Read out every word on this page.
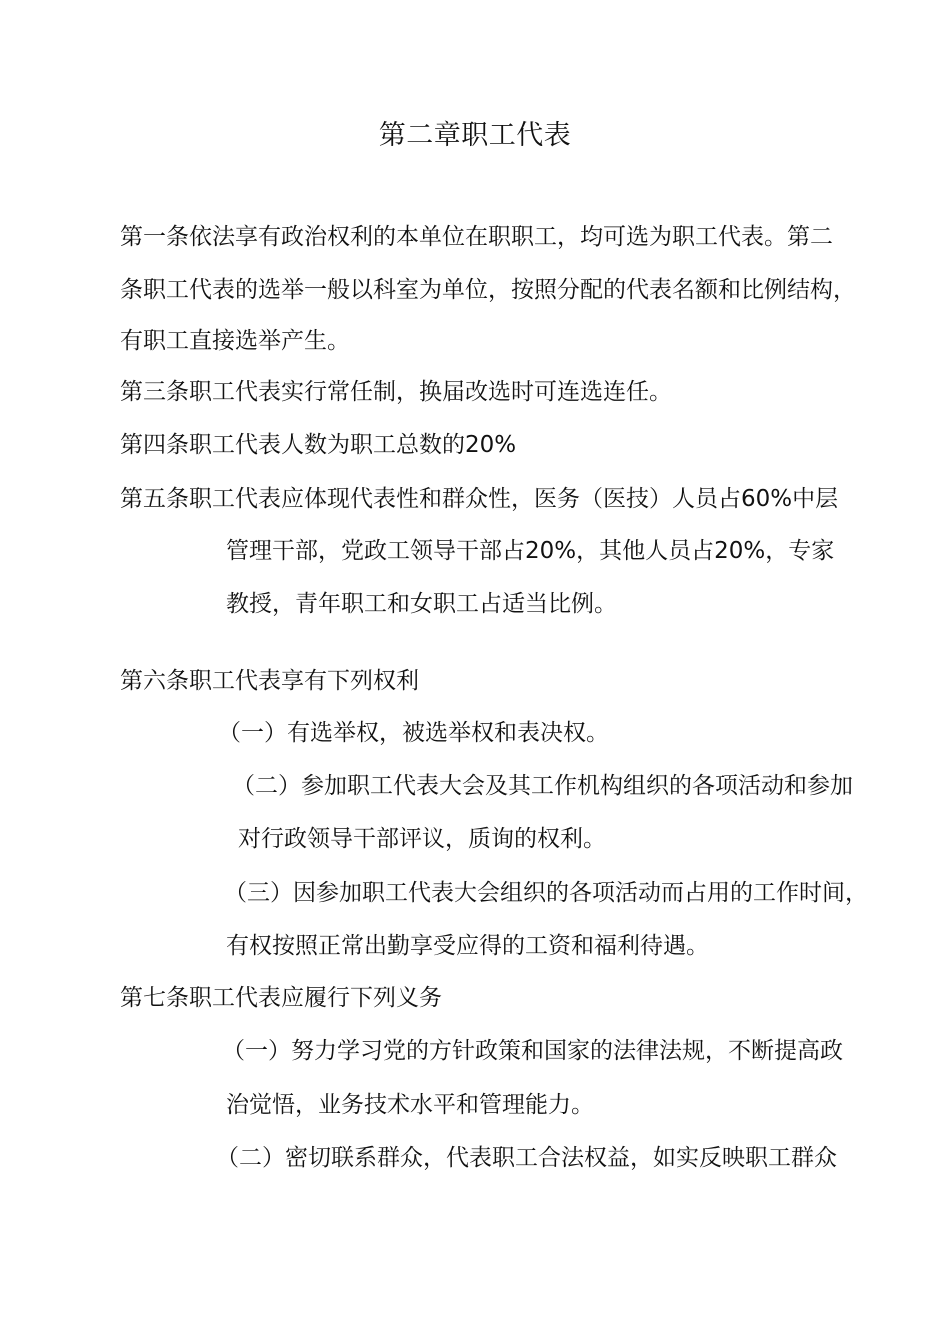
第二章职工代表
第一条依法享有政治权利的本单位在职职工，均可选为职工代表。第二
条职工代表的选举一般以科室为单位，按照分配的代表名额和比例结构，
有职工直接选举产生。
第三条职工代表实行常任制，换届改选时可连选连任。
第四条职工代表人数为职工总数的20%
第五条职工代表应体现代表性和群众性，医务（医技）人员占60%中层
管理干部，党政工领导干部占20%，其他人员占20%，专家
教授，青年职工和女职工占适当比例。
第六条职工代表享有下列权利
（一）有选举权，被选举权和表决权。
（二）参加职工代表大会及其工作机构组织的各项活动和参加
对行政领导干部评议，质询的权利。
（三）因参加职工代表大会组织的各项活动而占用的工作时间，
有权按照正常出勤享受应得的工资和福利待遇。
第七条职工代表应履行下列义务
（一）努力学习党的方针政策和国家的法律法规，不断提高政
治觉悟，业务技术水平和管理能力。
（二）密切联系群众，代表职工合法权益，如实反映职工群众
